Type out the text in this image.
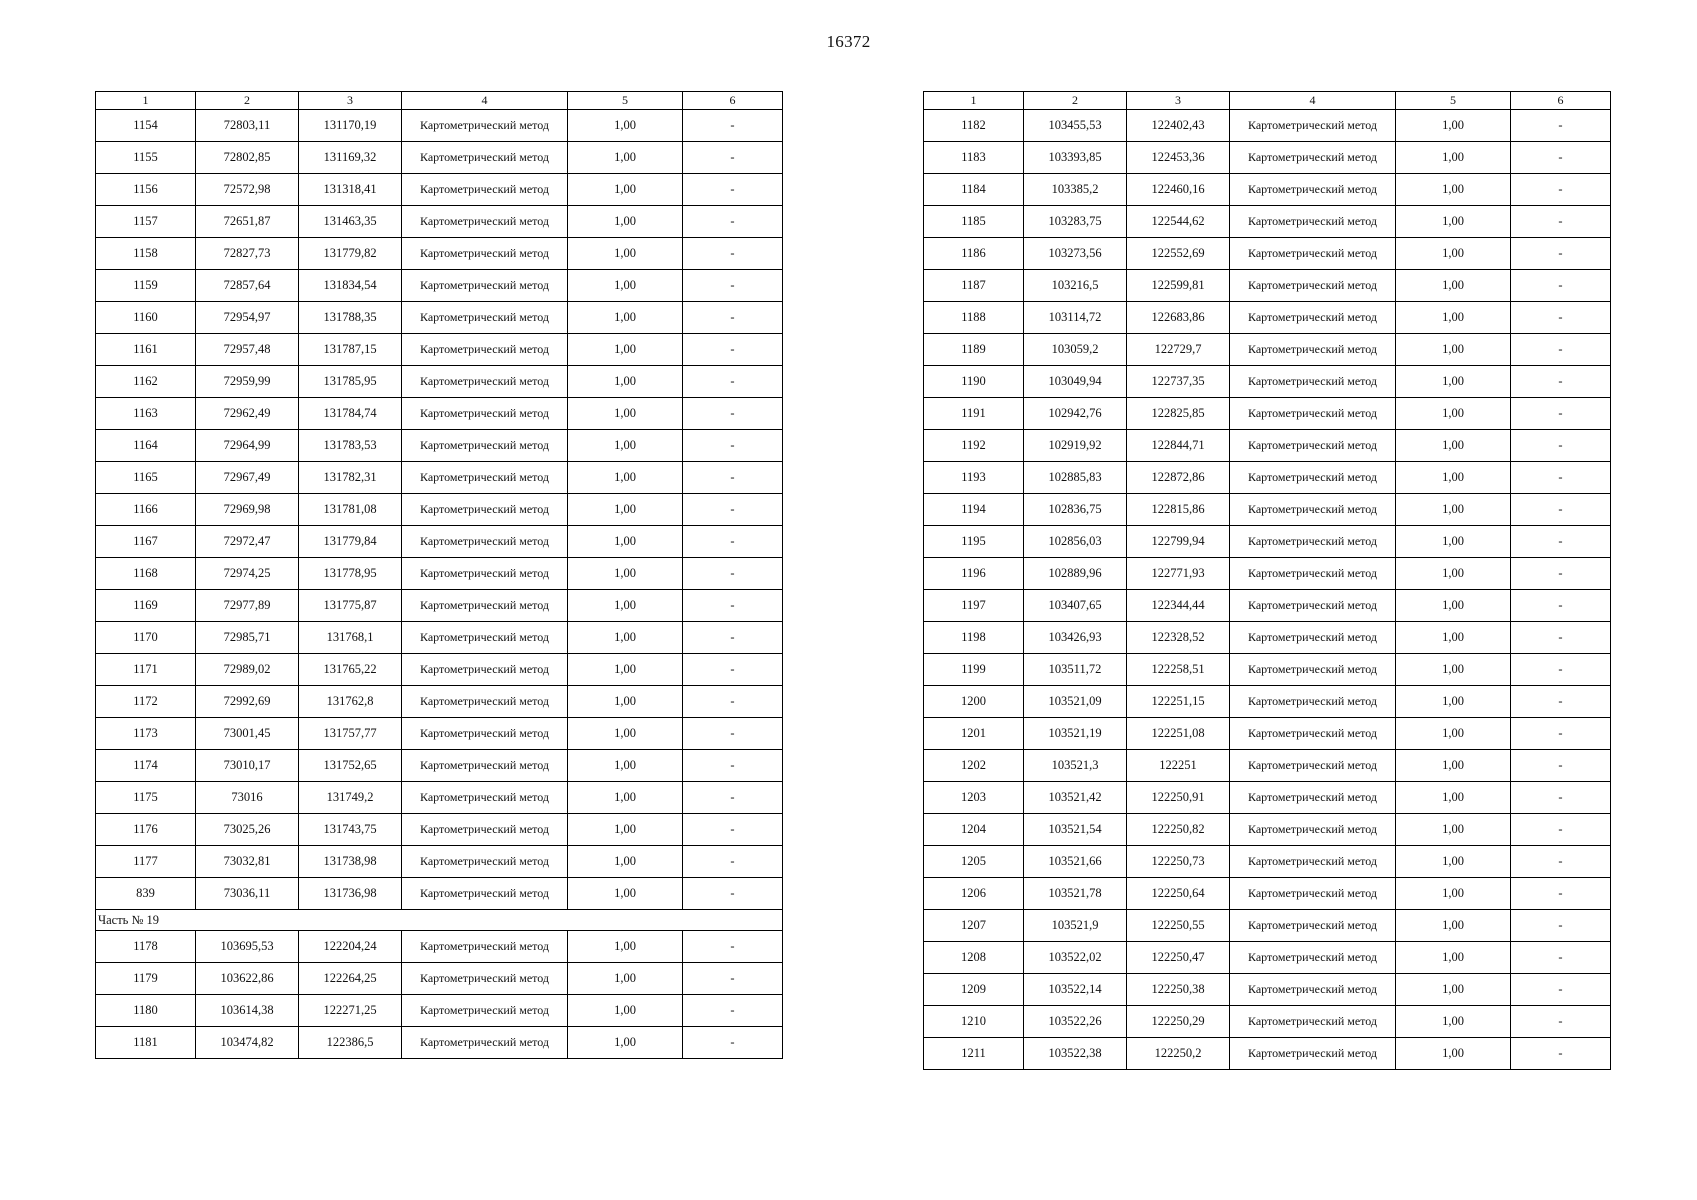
16372
1	2	3	4	5	6
1154	72803,11	131170,19	Картометрический метод	1,00	-
1155	72802,85	131169,32	Картометрический метод	1,00	-
1156	72572,98	131318,41	Картометрический метод	1,00	-
1157	72651,87	131463,35	Картометрический метод	1,00	-
1158	72827,73	131779,82	Картометрический метод	1,00	-
1159	72857,64	131834,54	Картометрический метод	1,00	-
1160	72954,97	131788,35	Картометрический метод	1,00	-
1161	72957,48	131787,15	Картометрический метод	1,00	-
1162	72959,99	131785,95	Картометрический метод	1,00	-
1163	72962,49	131784,74	Картометрический метод	1,00	-
1164	72964,99	131783,53	Картометрический метод	1,00	-
1165	72967,49	131782,31	Картометрический метод	1,00	-
1166	72969,98	131781,08	Картометрический метод	1,00	-
1167	72972,47	131779,84	Картометрический метод	1,00	-
1168	72974,25	131778,95	Картометрический метод	1,00	-
1169	72977,89	131775,87	Картометрический метод	1,00	-
1170	72985,71	131768,1	Картометрический метод	1,00	-
1171	72989,02	131765,22	Картометрический метод	1,00	-
1172	72992,69	131762,8	Картометрический метод	1,00	-
1173	73001,45	131757,77	Картометрический метод	1,00	-
1174	73010,17	131752,65	Картометрический метод	1,00	-
1175	73016	131749,2	Картометрический метод	1,00	-
1176	73025,26	131743,75	Картометрический метод	1,00	-
1177	73032,81	131738,98	Картометрический метод	1,00	-
839	73036,11	131736,98	Картометрический метод	1,00	-
Часть № 19					
1178	103695,53	122204,24	Картометрический метод	1,00	-
1179	103622,86	122264,25	Картометрический метод	1,00	-
1180	103614,38	122271,25	Картометрический метод	1,00	-
1181	103474,82	122386,5	Картометрический метод	1,00	-
1	2	3	4	5	6
1182	103455,53	122402,43	Картометрический метод	1,00	-
1183	103393,85	122453,36	Картометрический метод	1,00	-
1184	103385,2	122460,16	Картометрический метод	1,00	-
1185	103283,75	122544,62	Картометрический метод	1,00	-
1186	103273,56	122552,69	Картометрический метод	1,00	-
1187	103216,5	122599,81	Картометрический метод	1,00	-
1188	103114,72	122683,86	Картометрический метод	1,00	-
1189	103059,2	122729,7	Картометрический метод	1,00	-
1190	103049,94	122737,35	Картометрический метод	1,00	-
1191	102942,76	122825,85	Картометрический метод	1,00	-
1192	102919,92	122844,71	Картометрический метод	1,00	-
1193	102885,83	122872,86	Картометрический метод	1,00	-
1194	102836,75	122815,86	Картометрический метод	1,00	-
1195	102856,03	122799,94	Картометрический метод	1,00	-
1196	102889,96	122771,93	Картометрический метод	1,00	-
1197	103407,65	122344,44	Картометрический метод	1,00	-
1198	103426,93	122328,52	Картометрический метод	1,00	-
1199	103511,72	122258,51	Картометрический метод	1,00	-
1200	103521,09	122251,15	Картометрический метод	1,00	-
1201	103521,19	122251,08	Картометрический метод	1,00	-
1202	103521,3	122251	Картометрический метод	1,00	-
1203	103521,42	122250,91	Картометрический метод	1,00	-
1204	103521,54	122250,82	Картометрический метод	1,00	-
1205	103521,66	122250,73	Картометрический метод	1,00	-
1206	103521,78	122250,64	Картометрический метод	1,00	-
1207	103521,9	122250,55	Картометрический метод	1,00	-
1208	103522,02	122250,47	Картометрический метод	1,00	-
1209	103522,14	122250,38	Картометрический метод	1,00	-
1210	103522,26	122250,29	Картометрический метод	1,00	-
1211	103522,38	122250,2	Картометрический метод	1,00	-
